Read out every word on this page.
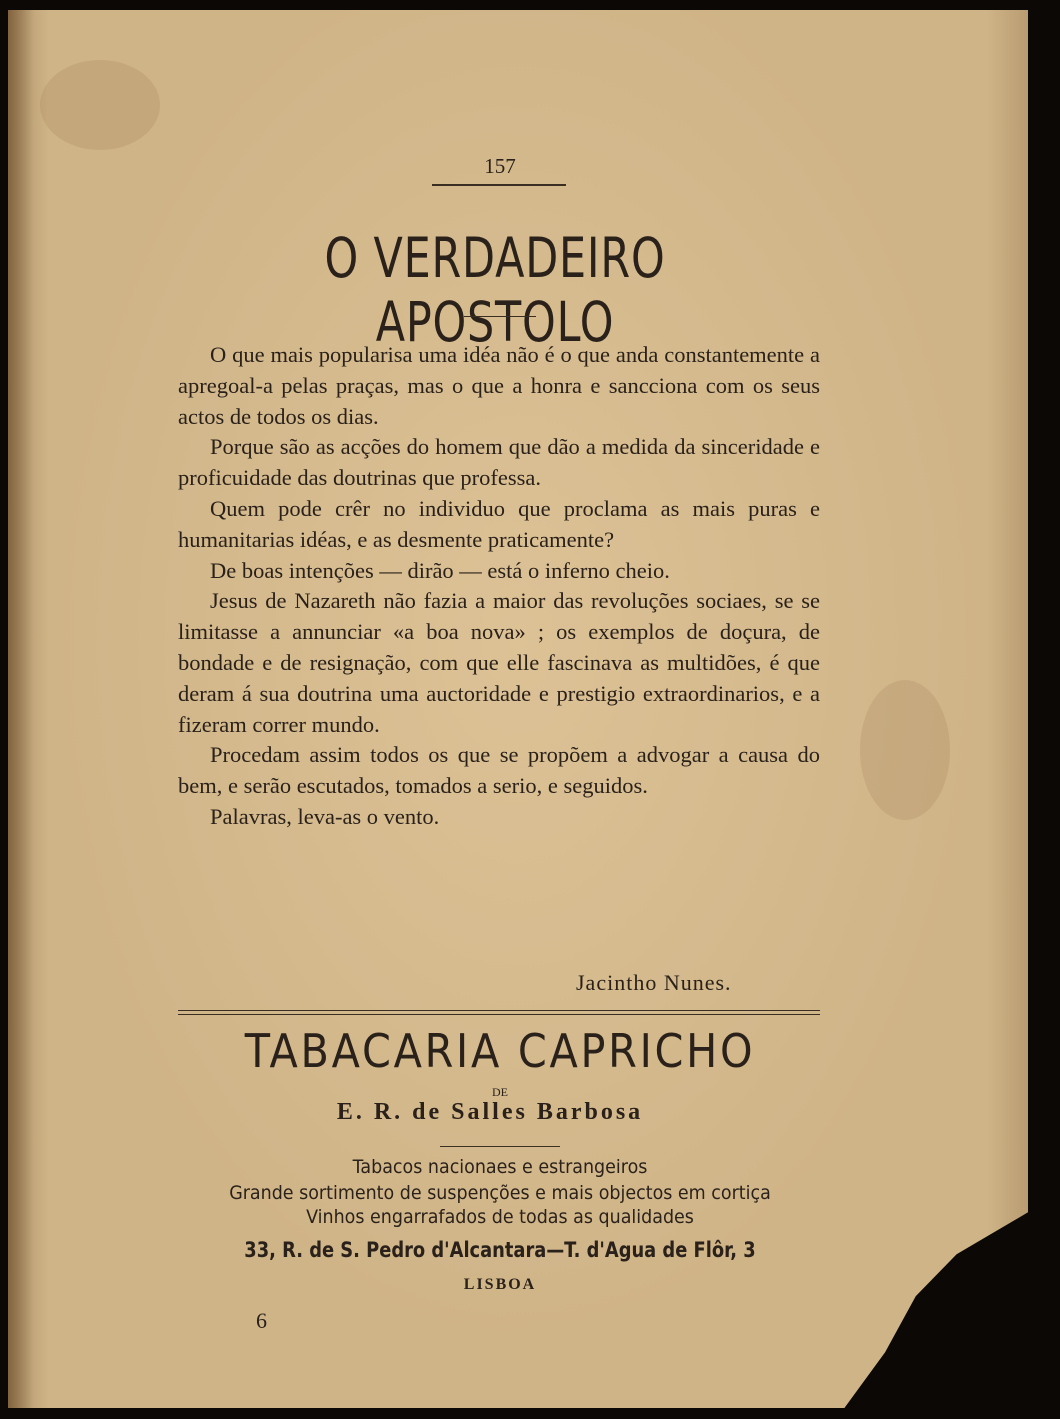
157
O VERDADEIRO APOSTOLO

O que mais popularisa uma idéa não é o que anda constantemente a apregoal-a pelas praças, mas o que a honra e sancciona com os seus actos de todos os dias.

Porque são as acções do homem que dão a medida da sinceridade e proficuidade das doutrinas que professa.

Quem pode crêr no individuo que proclama as mais puras e humanitarias idéas, e as desmente praticamente?

De boas intenções — dirão — está o inferno cheio.

Jesus de Nazareth não fazia a maior das revoluções sociaes, se se limitasse a annunciar «a boa nova» ; os exemplos de doçura, de bondade e de resignação, com que elle fascinava as multidões, é que deram á sua doutrina uma auctoridade e prestigio extraordinarios, e a fizeram correr mundo.

Procedam assim todos os que se propõem a advogar a causa do bem, e serão escutados, tomados a serio, e seguidos.

Palavras, leva-as o vento.

Jacintho Nunes.
TABACARIA CAPRICHO
DE
E. R. de Salles Barbosa
Tabacos nacionaes e estrangeiros
Grande sortimento de suspenções e mais objectos em cortiça
Vinhos engarrafados de todas as qualidades
33, R. de S. Pedro d'Alcantara—T. d'Agua de Flôr, 3
LISBOA
6
